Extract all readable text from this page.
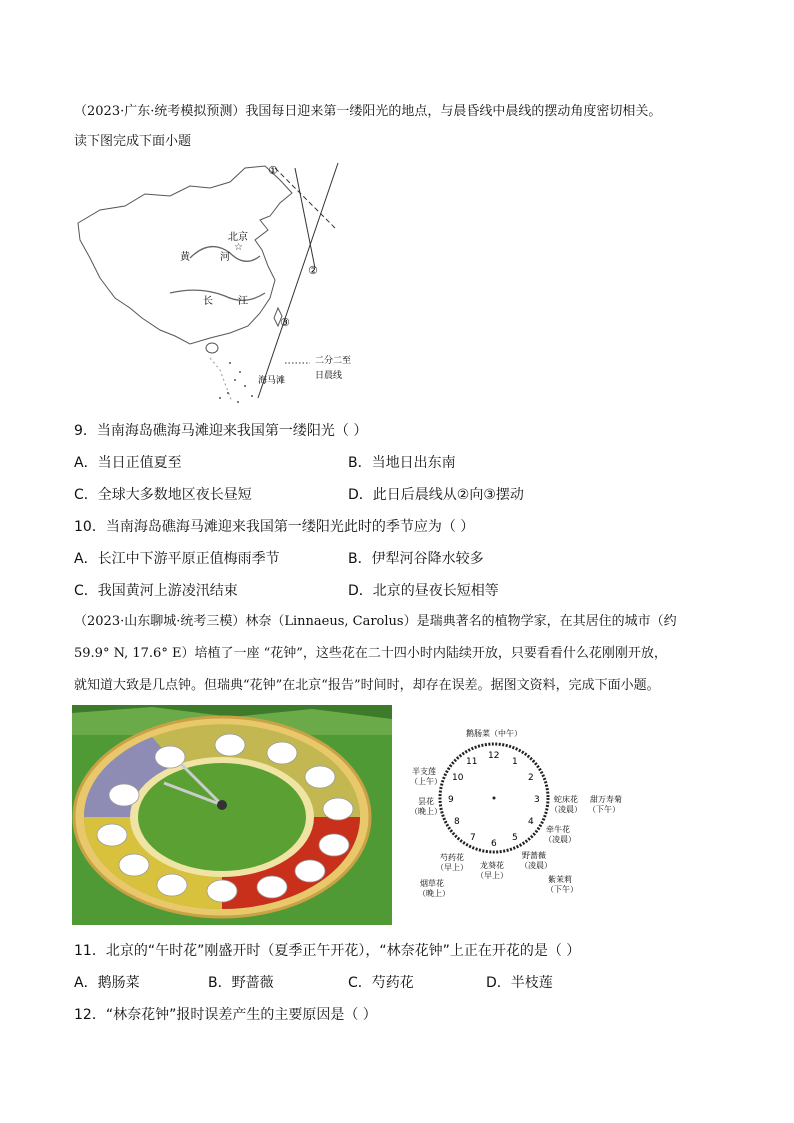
（2023·广东·统考模拟预测）我国每日迎来第一缕阳光的地点，与晨昏线中晨线的摆动角度密切相关。
读下图完成下面小题
☆
北京
黄	河
长	江
①
②
③
二分二至
日晨线
海马滩
9．当南海岛礁海马滩迎来我国第一缕阳光（ ）
A．当日正值夏至	B．当地日出东南
C．全球大多数地区夜长昼短	D．此日后晨线从②向③摆动
10．当南海岛礁海马滩迎来我国第一缕阳光此时的季节应为（ ）
A．长江中下游平原正值梅雨季节	B．伊犁河谷降水较多
C．我国黄河上游凌汛结束	D．北京的昼夜长短相等
（2023·山东聊城·统考三模）林奈（Linnaeus, Carolus）是瑞典著名的植物学家，在其居住的城市（约
59.9° N, 17.6° E）培植了一座 “花钟”，这些花在二十四小时内陆续开放，只要看看什么花刚刚开放，
就知道大致是几点钟。但瑞典“花钟”在北京“报告”时间时，却存在误差。据图文资料，完成下面小题。
12
1
2
3
4
5
6
7
8
9
10
11
鹅肠菜（中午）
半支莲
（上午）
昙花
（晚上）
蛇床花
（凌晨）
甜万寿菊
（下午）
牵牛花
（凌晨）
野蔷薇
（凌晨）
龙葵花
（早上）
芍药花
（早上）
烟草花
（晚上）
紫茉莉
（下午）
11．北京的“午时花”刚盛开时（夏季正午开花），“林奈花钟”上正在开花的是（ ）
A．鹅肠菜	B．野蔷薇	C．芍药花	D．半枝莲
12．“林奈花钟”报时误差产生的主要原因是（ ）
